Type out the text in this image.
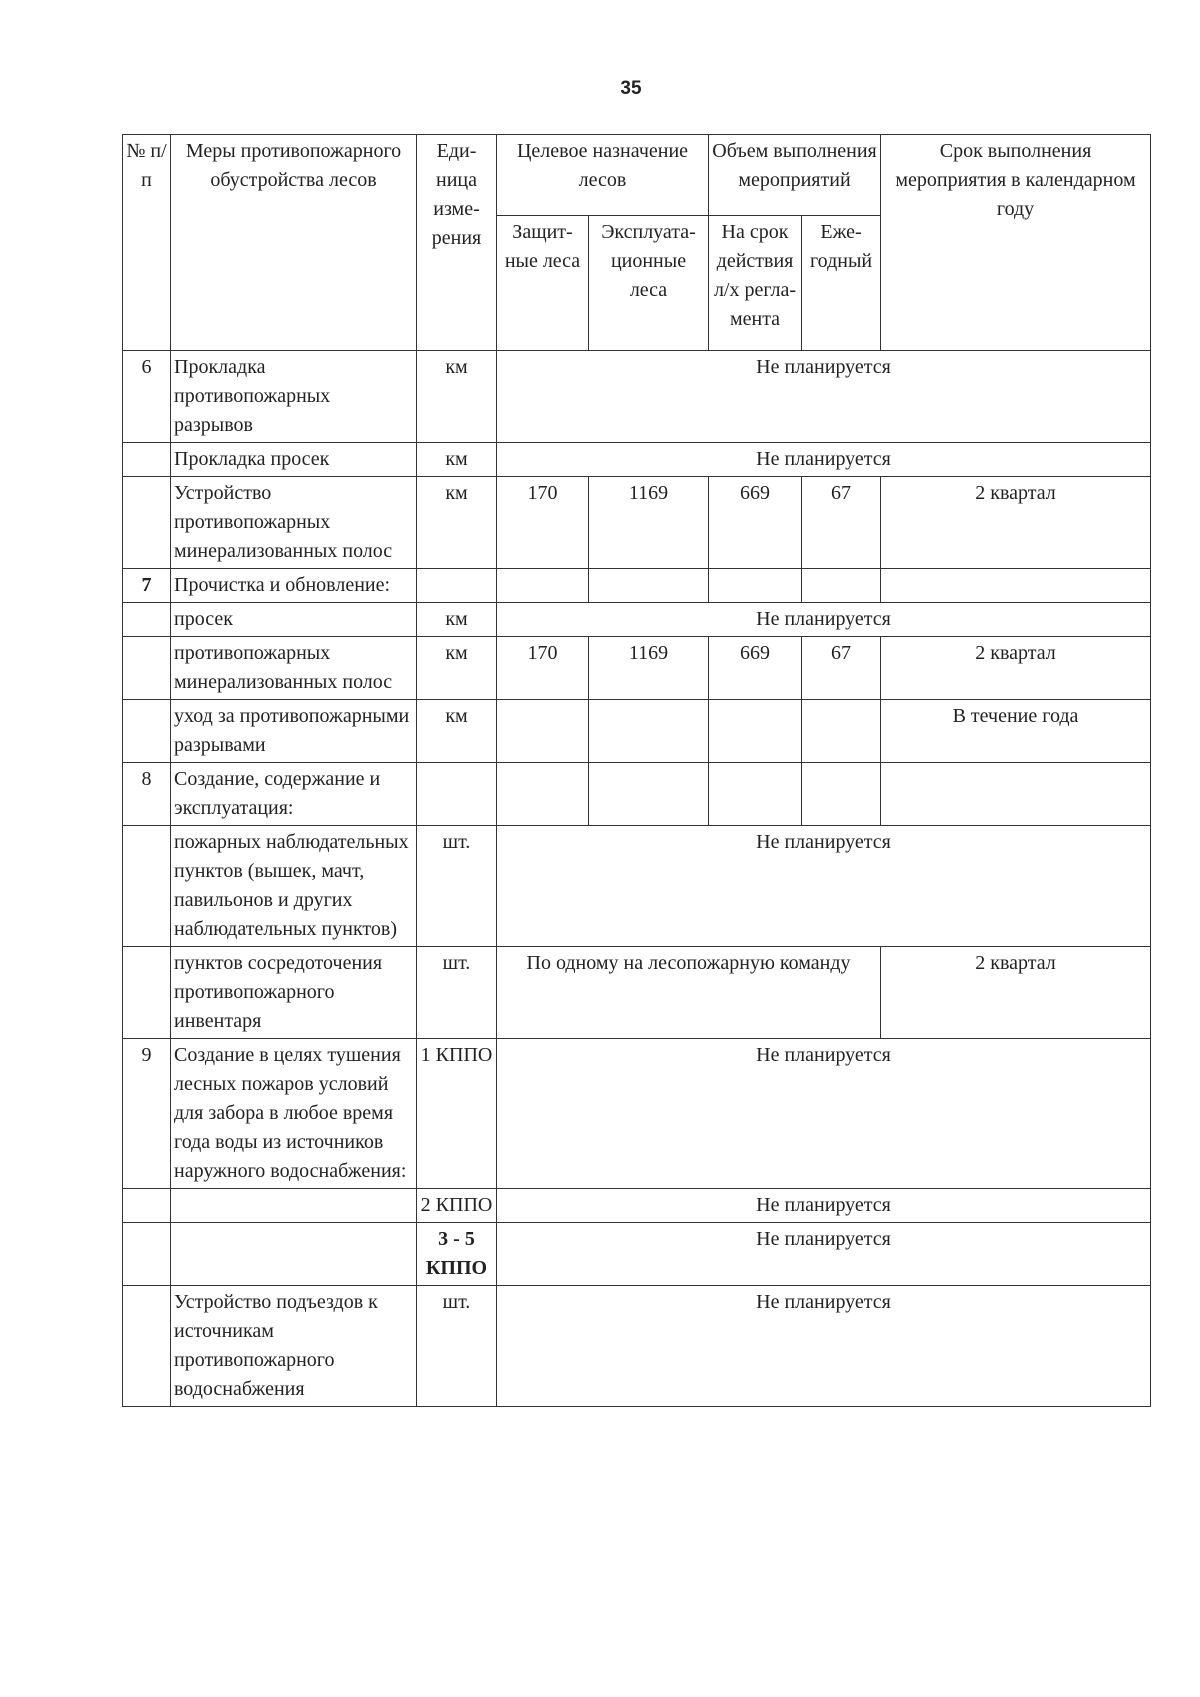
35
№ п/п	Меры противопожарного обустройства лесов	Еди-ница изме-рения	Целевое назначение лесов		Объем выполнения мероприятий		Срок выполнения мероприятия в календарном году
			Защит-ные леса	Эксплуата-ционные леса	На срок действия л/х регла-мента	Еже-годный	
6	Прокладка противопожарных разрывов	км	Не планируется				
	Прокладка просек	км	Не планируется				
	Устройство противопожарных минерализованных полос	км	170	1169	669	67	2 квартал
7	Прочистка и обновление:						
	просек	км	Не планируется				
	противопожарных минерализованных полос	км	170	1169	669	67	2 квартал
	уход за противопожарными разрывами	км					В течение года
8	Создание, содержание и эксплуатация:						
	пожарных наблюдательных пунктов (вышек, мачт, павильонов и других наблюдательных пунктов)	шт.	Не планируется				
	пунктов сосредоточения противопожарного инвентаря	шт.	По одному на лесопожарную команду				2 квартал
9	Создание в целях тушения лесных пожаров условий для забора в любое время года воды из источников наружного водоснабжения:	1 КППО	Не планируется				
		2 КППО	Не планируется				
		3 - 5 КППО	Не планируется				
	Устройство подъездов к источникам противопожарного водоснабжения	шт.	Не планируется				
